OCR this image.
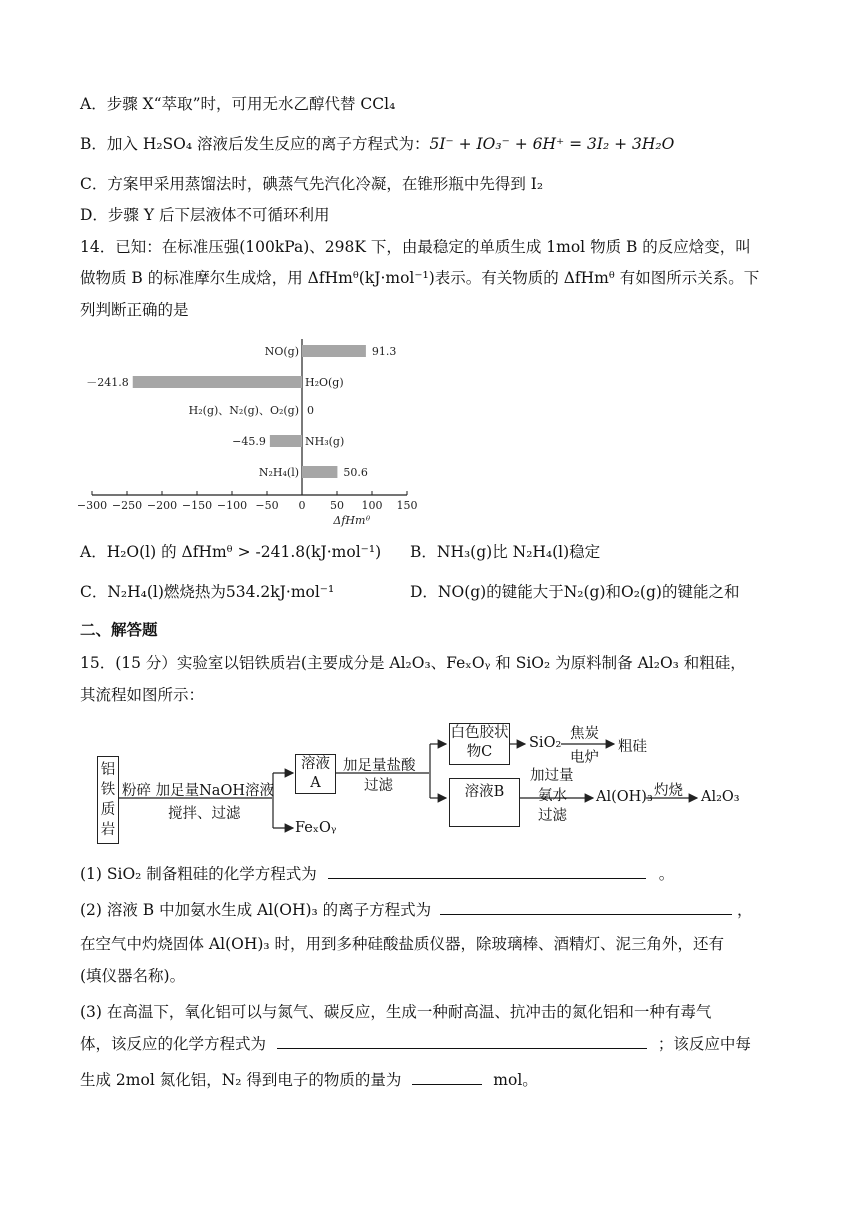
A．步骤 X“萃取”时，可用无水乙醇代替 CCl₄
B．加入 H₂SO₄ 溶液后发生反应的离子方程式为：5I⁻ + IO₃⁻ + 6H⁺ = 3I₂ + 3H₂O
C．方案甲采用蒸馏法时，碘蒸气先汽化冷凝，在锥形瓶中先得到 I₂
D．步骤 Y 后下层液体不可循环利用
14．已知：在标准压强(100kPa)、298K 下，由最稳定的单质生成 1mol 物质 B 的反应焓变，叫
做物质 B 的标准摩尔生成焓，用 ΔfHmᶿ(kJ·mol⁻¹)表示。有关物质的 ΔfHmᶿ 有如图所示关系。下
列判断正确的是
NO(g)	91.3
H₂O(g)
－241.8
H₂(g)、N₂(g)、O₂(g) 0
NH₃(g)
−45.9
N₂H₄(l)	50.6
−300 −250 −200 −150 −100 −50 0 50 100 150
ΔfHmᶿ
A．H₂O(l) 的 ΔfHmᶿ > -241.8(kJ·mol⁻¹)	B．NH₃(g)比 N₂H₄(l)稳定
C．N₂H₄(l)燃烧热为534.2kJ·mol⁻¹	D．NO(g)的键能大于N₂(g)和O₂(g)的键能之和
二、解答题
15．(15 分）实验室以铝铁质岩(主要成分是 Al₂O₃、FeₓOᵧ 和 SiO₂ 为原料制备 Al₂O₃ 和粗硅，
其流程如图所示：
铝铁质岩
粉碎 加足量NaOH溶液
搅拌、过滤
溶液A
FeₓOᵧ
加足量盐酸
过滤
白色胶状物C
SiO₂
焦炭
电炉
粗硅
溶液B
加过量
氨水
过滤
Al(OH)₃ 灼烧 Al₂O₃
(1) SiO₂ 制备粗硅的化学方程式为	。
(2) 溶液 B 中加氨水生成 Al(OH)₃ 的离子方程式为	，
在空气中灼烧固体 Al(OH)₃ 时，用到多种硅酸盐质仪器，除玻璃棒、酒精灯、泥三角外，还有
(填仪器名称)。
(3) 在高温下，氧化铝可以与氮气、碳反应，生成一种耐高温、抗冲击的氮化铝和一种有毒气
体，该反应的化学方程式为	；该反应中每
生成 2mol 氮化铝，N₂ 得到电子的物质的量为	mol。
